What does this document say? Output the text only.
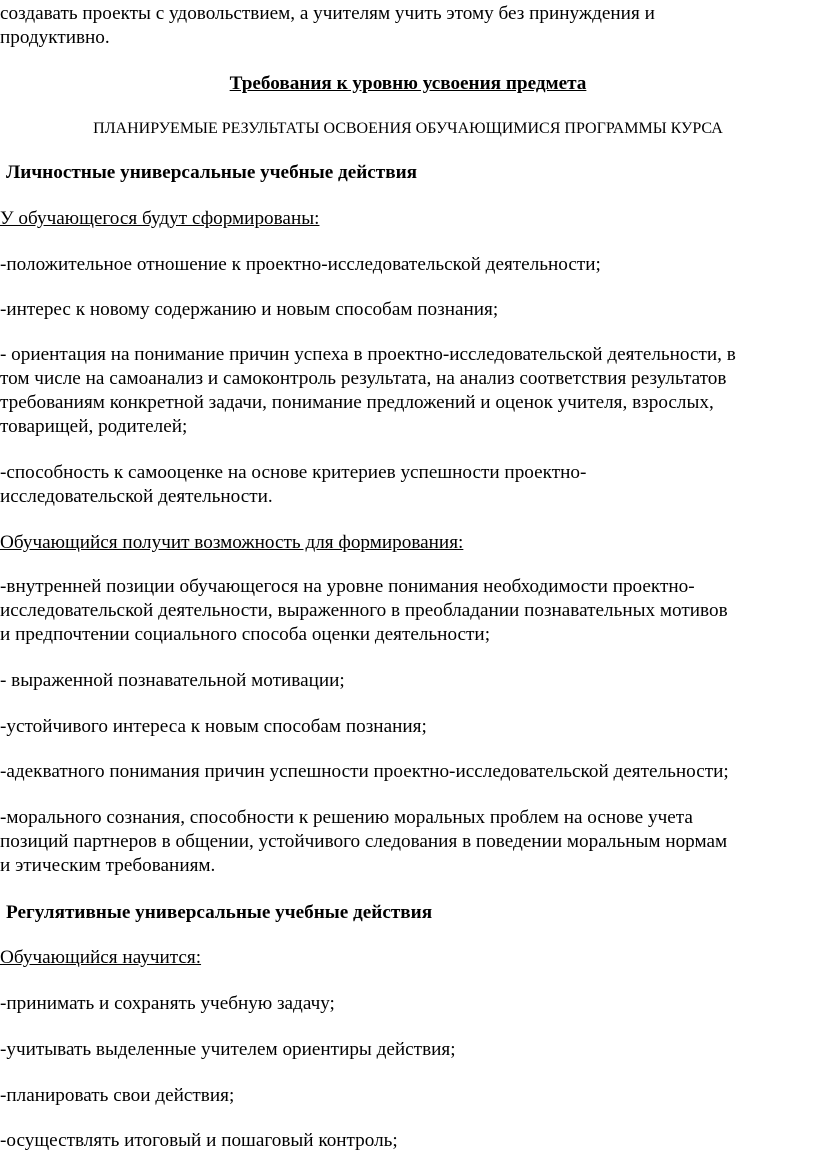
создавать проекты с удовольствием, а учителям учить этому без принуждения и
продуктивно.

Требования к уровню усвоения предмета

ПЛАНИРУЕМЫЕ РЕЗУЛЬТАТЫ ОСВОЕНИЯ ОБУЧАЮЩИМИСЯ ПРОГРАММЫ КУРСА

Личностные универсальные учебные действия

У обучающегося будут сформированы:

-положительное отношение к проектно-исследовательской деятельности;

-интерес к новому содержанию и новым способам познания;

- ориентация на понимание причин успеха в проектно-исследовательской деятельности, в
том числе на самоанализ и самоконтроль результата, на анализ соответствия результатов
требованиям конкретной задачи, понимание предложений и оценок учителя, взрослых,
товарищей, родителей;

-способность к самооценке на основе критериев успешности проектно-
исследовательской деятельности.

Обучающийся получит возможность для формирования:

-внутренней позиции обучающегося на уровне понимания необходимости проектно-
исследовательской деятельности, выраженного в преобладании познавательных мотивов
и предпочтении социального способа оценки деятельности;

- выраженной познавательной мотивации;

-устойчивого интереса к новым способам познания;

-адекватного понимания причин успешности проектно-исследовательской деятельности;

-морального сознания, способности к решению моральных проблем на основе учета
позиций партнеров в общении, устойчивого следования в поведении моральным нормам
и этическим требованиям.

Регулятивные универсальные учебные действия

Обучающийся научится:

-принимать и сохранять учебную задачу;

-учитывать выделенные учителем ориентиры действия;

-планировать свои действия;

-осуществлять итоговый и пошаговый контроль;
